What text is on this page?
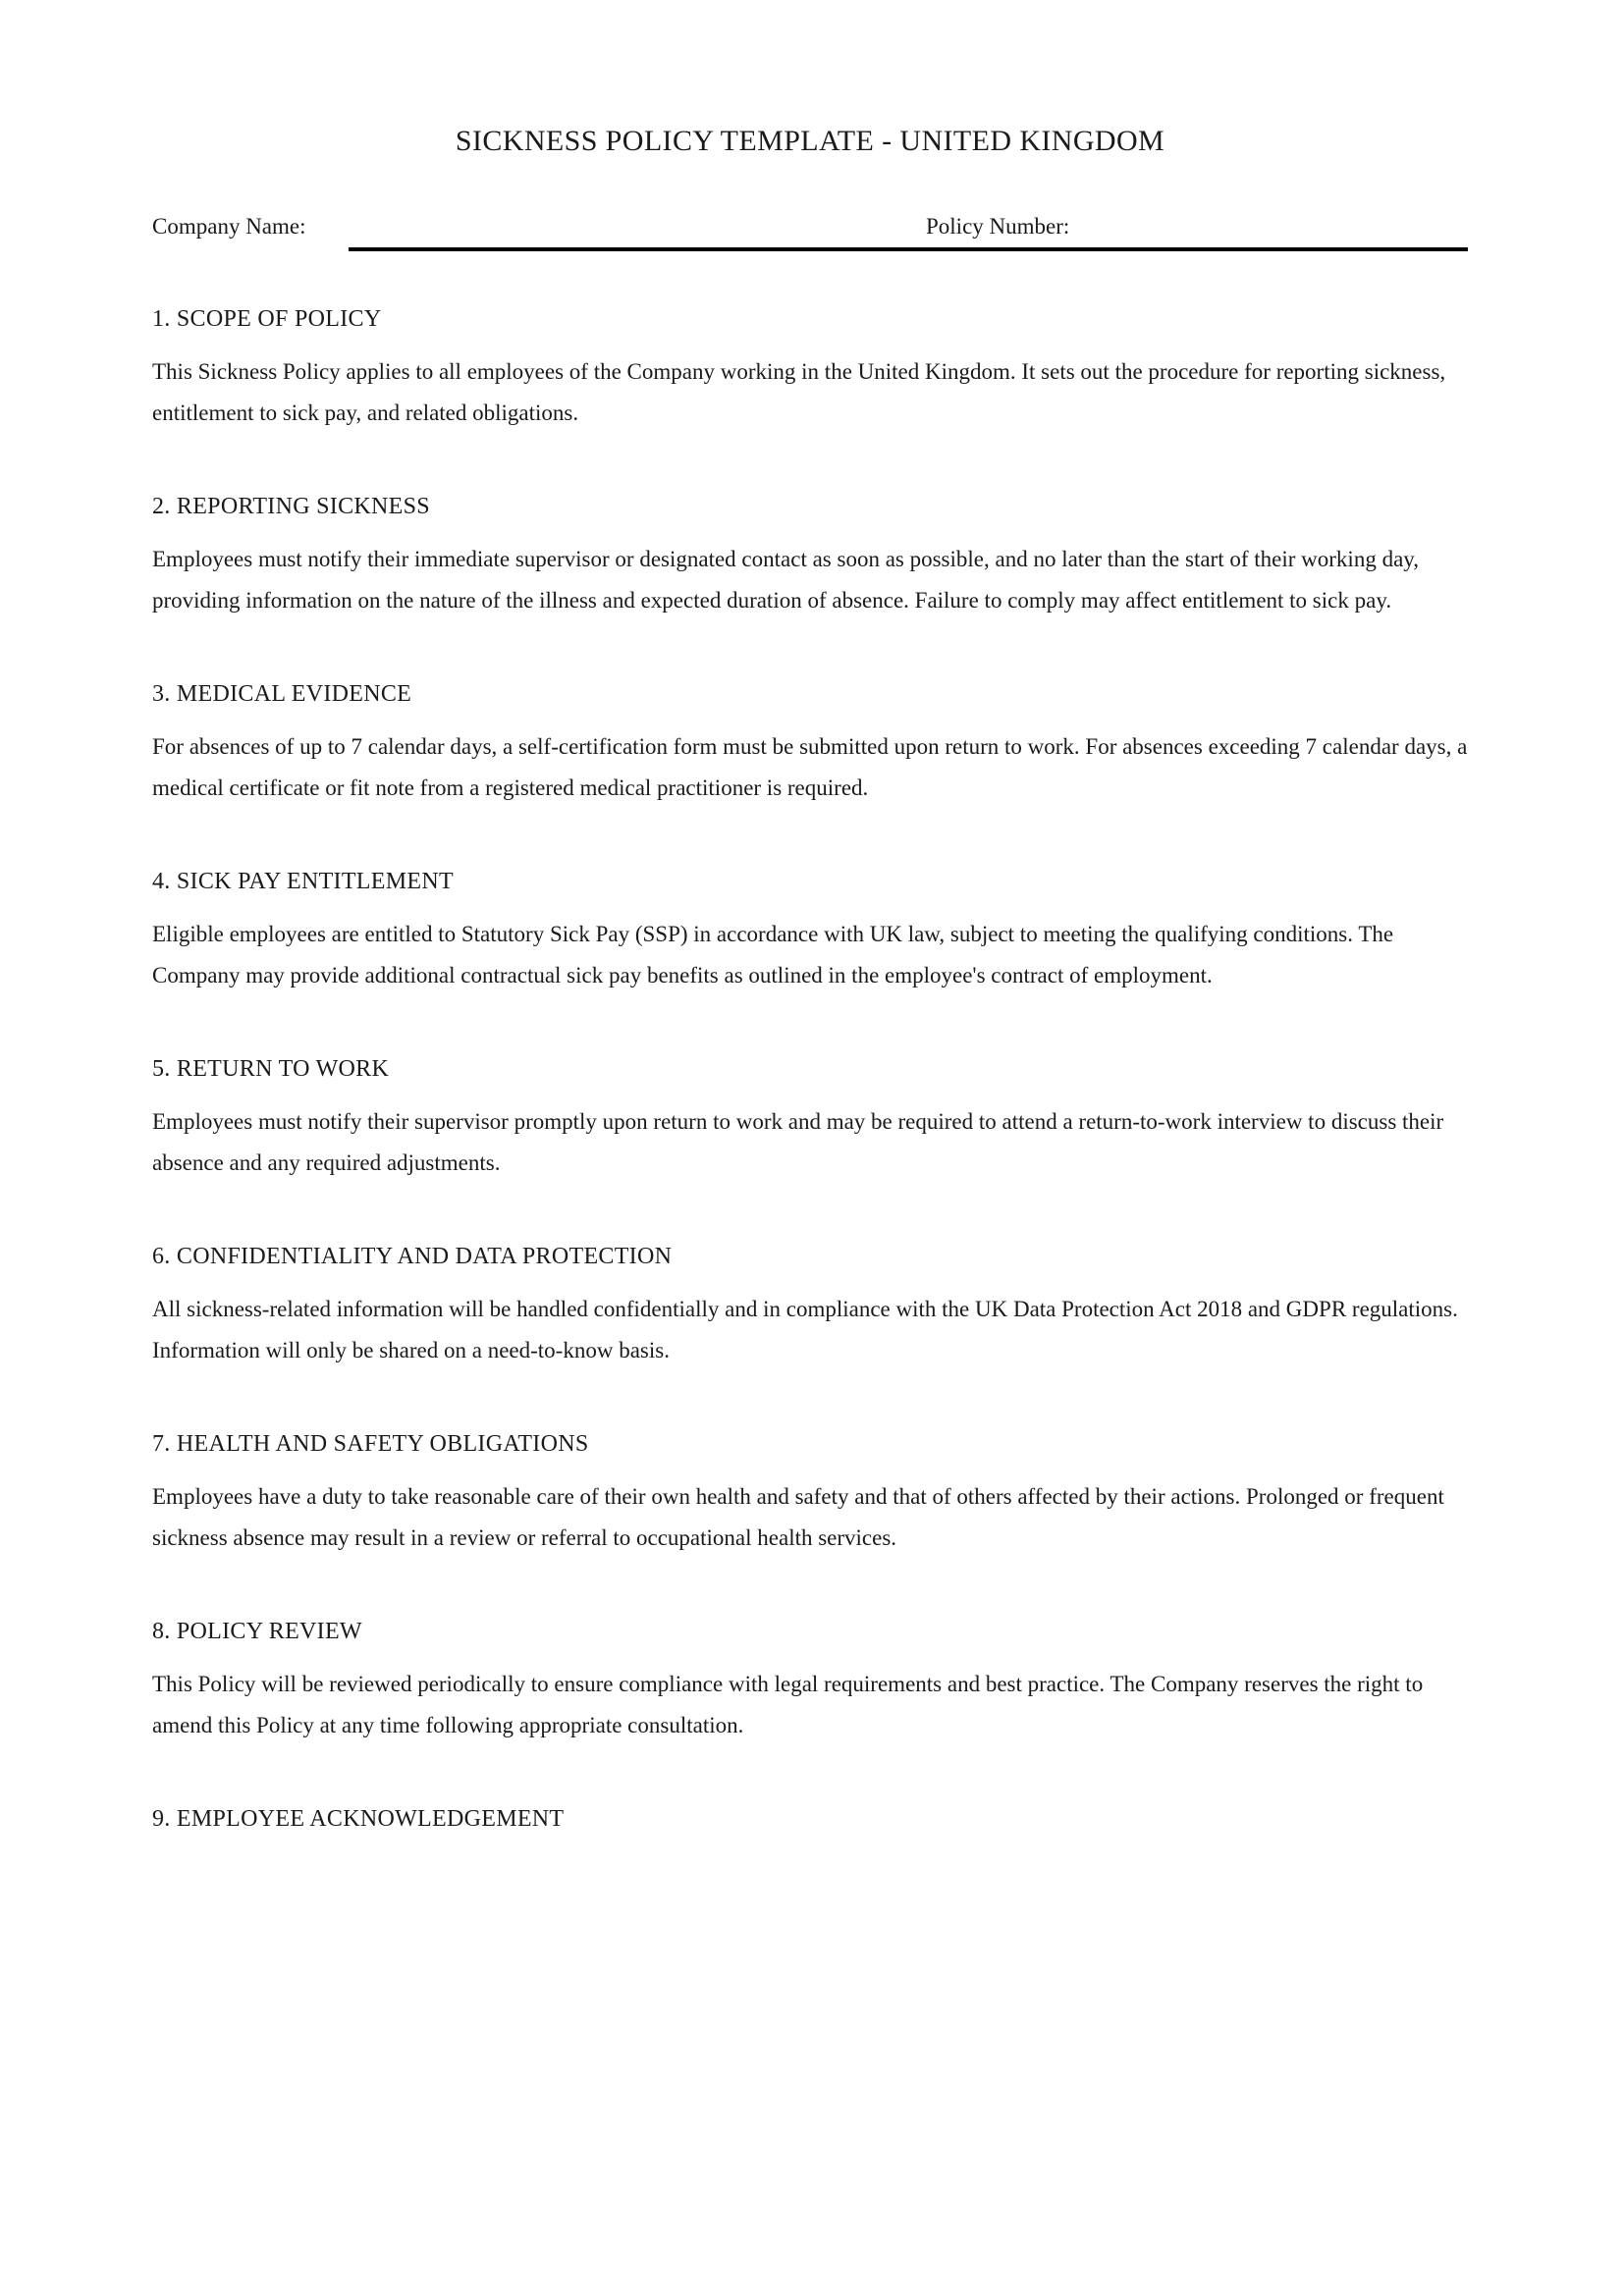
SICKNESS POLICY TEMPLATE - UNITED KINGDOM
Company Name:	Policy Number:
1. SCOPE OF POLICY

This Sickness Policy applies to all employees of the Company working in the United Kingdom. It sets out the procedure for reporting sickness, entitlement to sick pay, and related obligations.

2. REPORTING SICKNESS

Employees must notify their immediate supervisor or designated contact as soon as possible, and no later than the start of their working day, providing information on the nature of the illness and expected duration of absence. Failure to comply may affect entitlement to sick pay.

3. MEDICAL EVIDENCE

For absences of up to 7 calendar days, a self-certification form must be submitted upon return to work. For absences exceeding 7 calendar days, a medical certificate or fit note from a registered medical practitioner is required.

4. SICK PAY ENTITLEMENT

Eligible employees are entitled to Statutory Sick Pay (SSP) in accordance with UK law, subject to meeting the qualifying conditions. The Company may provide additional contractual sick pay benefits as outlined in the employee's contract of employment.

5. RETURN TO WORK

Employees must notify their supervisor promptly upon return to work and may be required to attend a return-to-work interview to discuss their absence and any required adjustments.

6. CONFIDENTIALITY AND DATA PROTECTION

All sickness-related information will be handled confidentially and in compliance with the UK Data Protection Act 2018 and GDPR regulations. Information will only be shared on a need-to-know basis.

7. HEALTH AND SAFETY OBLIGATIONS

Employees have a duty to take reasonable care of their own health and safety and that of others affected by their actions. Prolonged or frequent sickness absence may result in a review or referral to occupational health services.

8. POLICY REVIEW

This Policy will be reviewed periodically to ensure compliance with legal requirements and best practice. The Company reserves the right to amend this Policy at any time following appropriate consultation.

9. EMPLOYEE ACKNOWLEDGEMENT
